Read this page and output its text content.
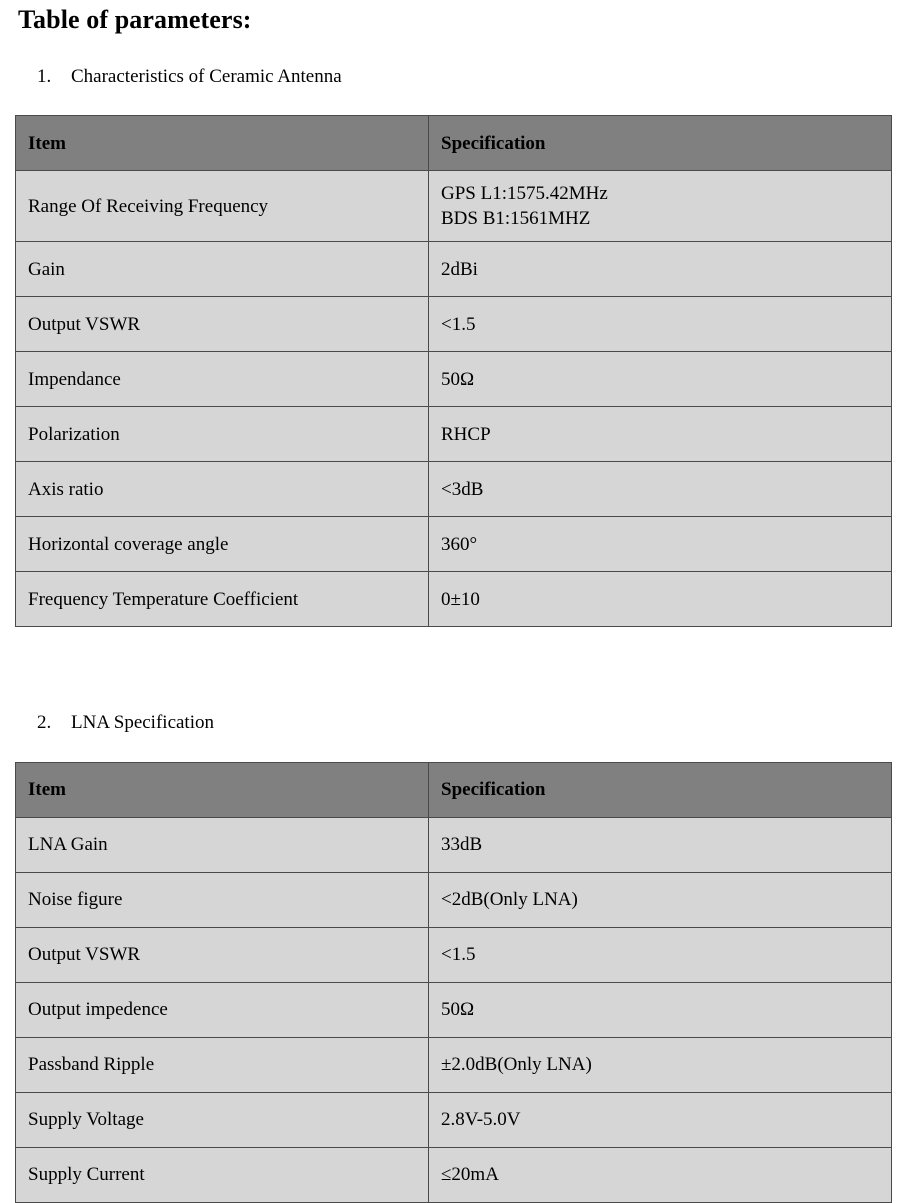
Table of parameters:

1. Characteristics of Ceramic Antenna

Item	Specification
Range Of Receiving Frequency	GPS L1:1575.42MHz
BDS B1:1561MHZ

Gain	2dBi
Output VSWR	<1.5
Impendance	50Ω
Polarization	RHCP
Axis ratio	<3dB
Horizontal coverage angle	360°
Frequency Temperature Coefficient	0±10

2. LNA Specification

Item	Specification
LNA Gain	33dB
Noise figure	<2dB(Only LNA)
Output VSWR	<1.5
Output impedence	50Ω
Passband Ripple	±2.0dB(Only LNA)
Supply Voltage	2.8V-5.0V
Supply Current	≤20mA
